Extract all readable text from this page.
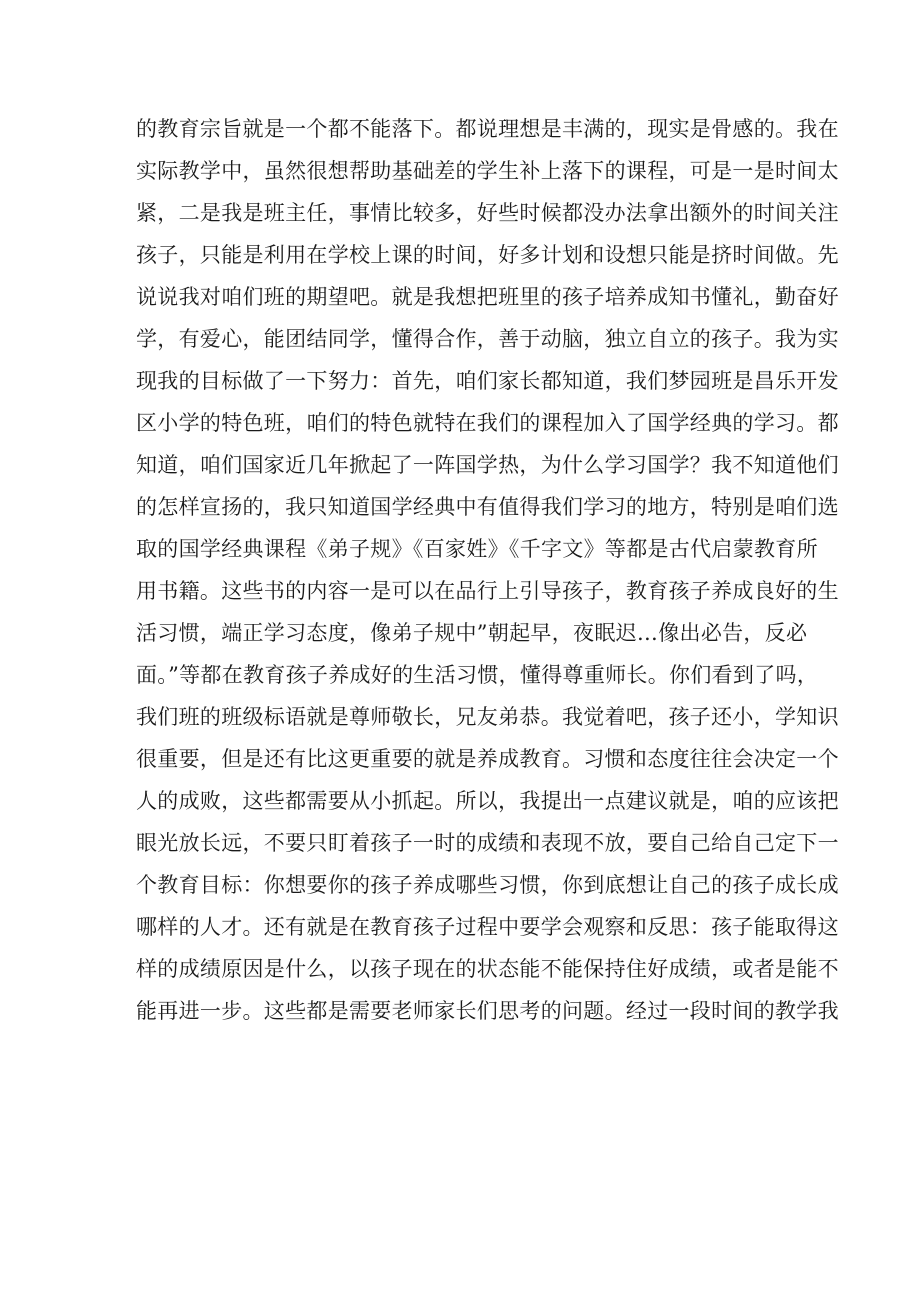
的教育宗旨就是一个都不能落下。都说理想是丰满的，现实是骨感的。我在
实际教学中，虽然很想帮助基础差的学生补上落下的课程，可是一是时间太
紧，二是我是班主任，事情比较多，好些时候都没办法拿出额外的时间关注
孩子，只能是利用在学校上课的时间，好多计划和设想只能是挤时间做。先
说说我对咱们班的期望吧。就是我想把班里的孩子培养成知书懂礼，勤奋好
学，有爱心，能团结同学，懂得合作，善于动脑，独立自立的孩子。我为实
现我的目标做了一下努力：首先，咱们家长都知道，我们梦园班是昌乐开发
区小学的特色班，咱们的特色就特在我们的课程加入了国学经典的学习。都
知道，咱们国家近几年掀起了一阵国学热，为什么学习国学？我不知道他们
的怎样宣扬的，我只知道国学经典中有值得我们学习的地方，特别是咱们选
取的国学经典课程《弟子规》《百家姓》《千字文》等都是古代启蒙教育所
用书籍。这些书的内容一是可以在品行上引导孩子，教育孩子养成良好的生
活习惯，端正学习态度，像弟子规中”朝起早，夜眠迟…像出必告，反必
面。”等都在教育孩子养成好的生活习惯，懂得尊重师长。你们看到了吗，
我们班的班级标语就是尊师敬长，兄友弟恭。我觉着吧，孩子还小，学知识
很重要，但是还有比这更重要的就是养成教育。习惯和态度往往会决定一个
人的成败，这些都需要从小抓起。所以，我提出一点建议就是，咱的应该把
眼光放长远，不要只盯着孩子一时的成绩和表现不放，要自己给自己定下一
个教育目标：你想要你的孩子养成哪些习惯，你到底想让自己的孩子成长成
哪样的人才。还有就是在教育孩子过程中要学会观察和反思：孩子能取得这
样的成绩原因是什么，以孩子现在的状态能不能保持住好成绩，或者是能不
能再进一步。这些都是需要老师家长们思考的问题。经过一段时间的教学我
